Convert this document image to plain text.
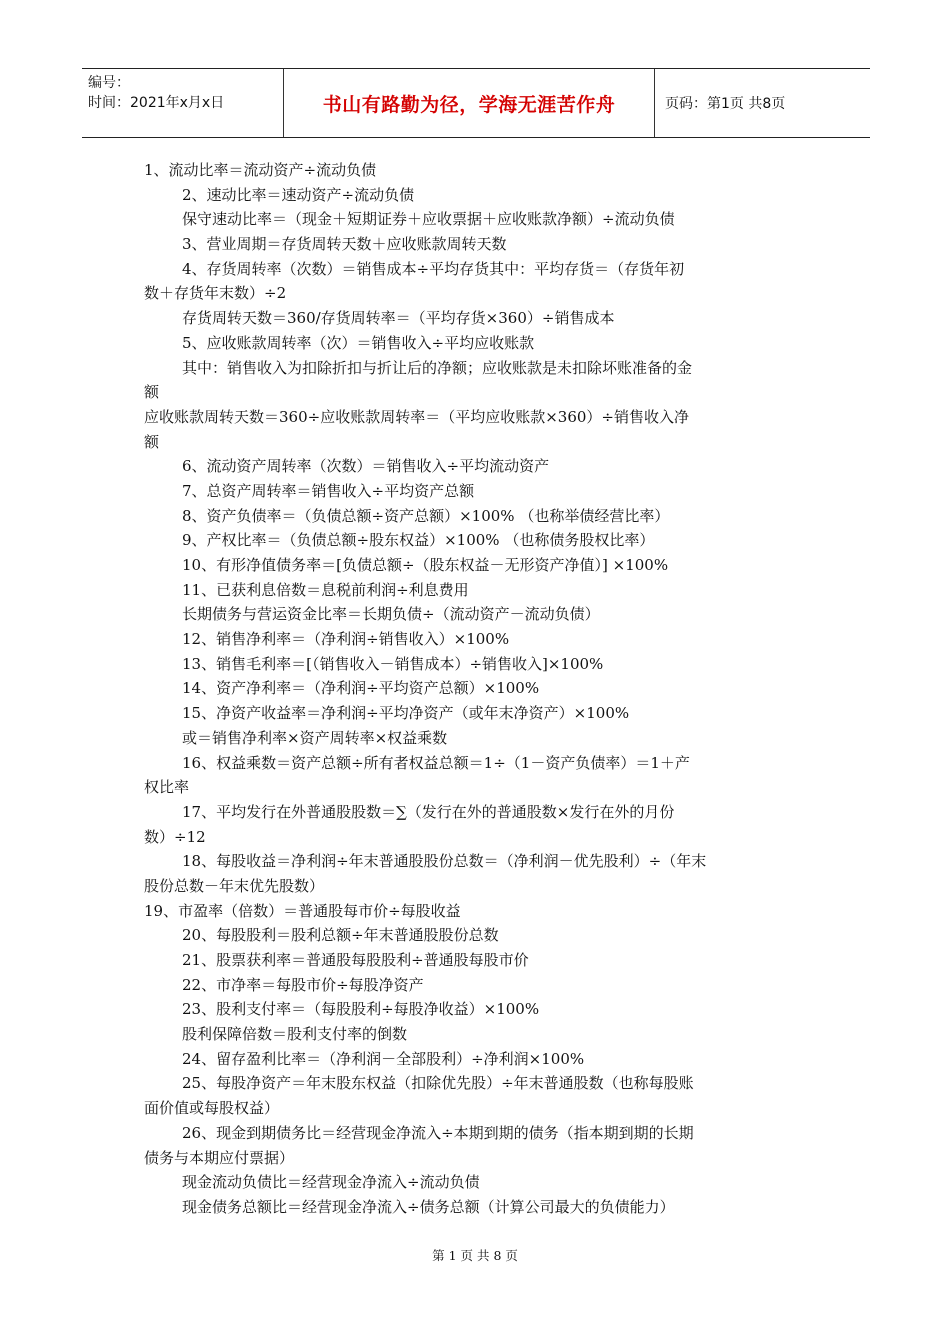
编号：
时间：2021年x月x日	书山有路勤为径，学海无涯苦作舟	页码：第1页 共8页
1、流动比率＝流动资产÷流动负债
2、速动比率＝速动资产÷流动负债
保守速动比率＝（现金＋短期证券＋应收票据＋应收账款净额）÷流动负债
3、营业周期＝存货周转天数＋应收账款周转天数
4、存货周转率（次数）＝销售成本÷平均存货其中：平均存货＝（存货年初
数＋存货年末数）÷2
存货周转天数＝360/存货周转率＝（平均存货×360）÷销售成本
5、应收账款周转率（次）＝销售收入÷平均应收账款
其中：销售收入为扣除折扣与折让后的净额；应收账款是未扣除坏账准备的金
额
应收账款周转天数＝360÷应收账款周转率＝（平均应收账款×360）÷销售收入净
额
6、流动资产周转率（次数）＝销售收入÷平均流动资产
7、总资产周转率＝销售收入÷平均资产总额
8、资产负债率＝（负债总额÷资产总额）×100% （也称举债经营比率）
9、产权比率＝（负债总额÷股东权益）×100% （也称债务股权比率）
10、有形净值债务率＝[负债总额÷（股东权益－无形资产净值）] ×100%
11、已获利息倍数＝息税前利润÷利息费用
长期债务与营运资金比率＝长期负债÷（流动资产－流动负债）
12、销售净利率＝（净利润÷销售收入）×100%
13、销售毛利率＝[（销售收入－销售成本）÷销售收入]×100%
14、资产净利率＝（净利润÷平均资产总额）×100%
15、净资产收益率＝净利润÷平均净资产（或年末净资产）×100%
或＝销售净利率×资产周转率×权益乘数
16、权益乘数＝资产总额÷所有者权益总额＝1÷（1－资产负债率）＝1＋产
权比率
17、平均发行在外普通股股数＝∑（发行在外的普通股数×发行在外的月份
数）÷12
18、每股收益＝净利润÷年末普通股股份总数＝（净利润－优先股利）÷（年末
股份总数－年末优先股数）
19、市盈率（倍数）＝普通股每市价÷每股收益
20、每股股利＝股利总额÷年末普通股股份总数
21、股票获利率＝普通股每股股利÷普通股每股市价
22、市净率＝每股市价÷每股净资产
23、股利支付率＝（每股股利÷每股净收益）×100%
股利保障倍数＝股利支付率的倒数
24、留存盈利比率＝（净利润－全部股利）÷净利润×100%
25、每股净资产＝年末股东权益（扣除优先股）÷年末普通股数（也称每股账
面价值或每股权益）
26、现金到期债务比＝经营现金净流入÷本期到期的债务（指本期到期的长期
债务与本期应付票据）
现金流动负债比＝经营现金净流入÷流动负债
现金债务总额比＝经营现金净流入÷债务总额（计算公司最大的负债能力）
第 1 页 共 8 页
